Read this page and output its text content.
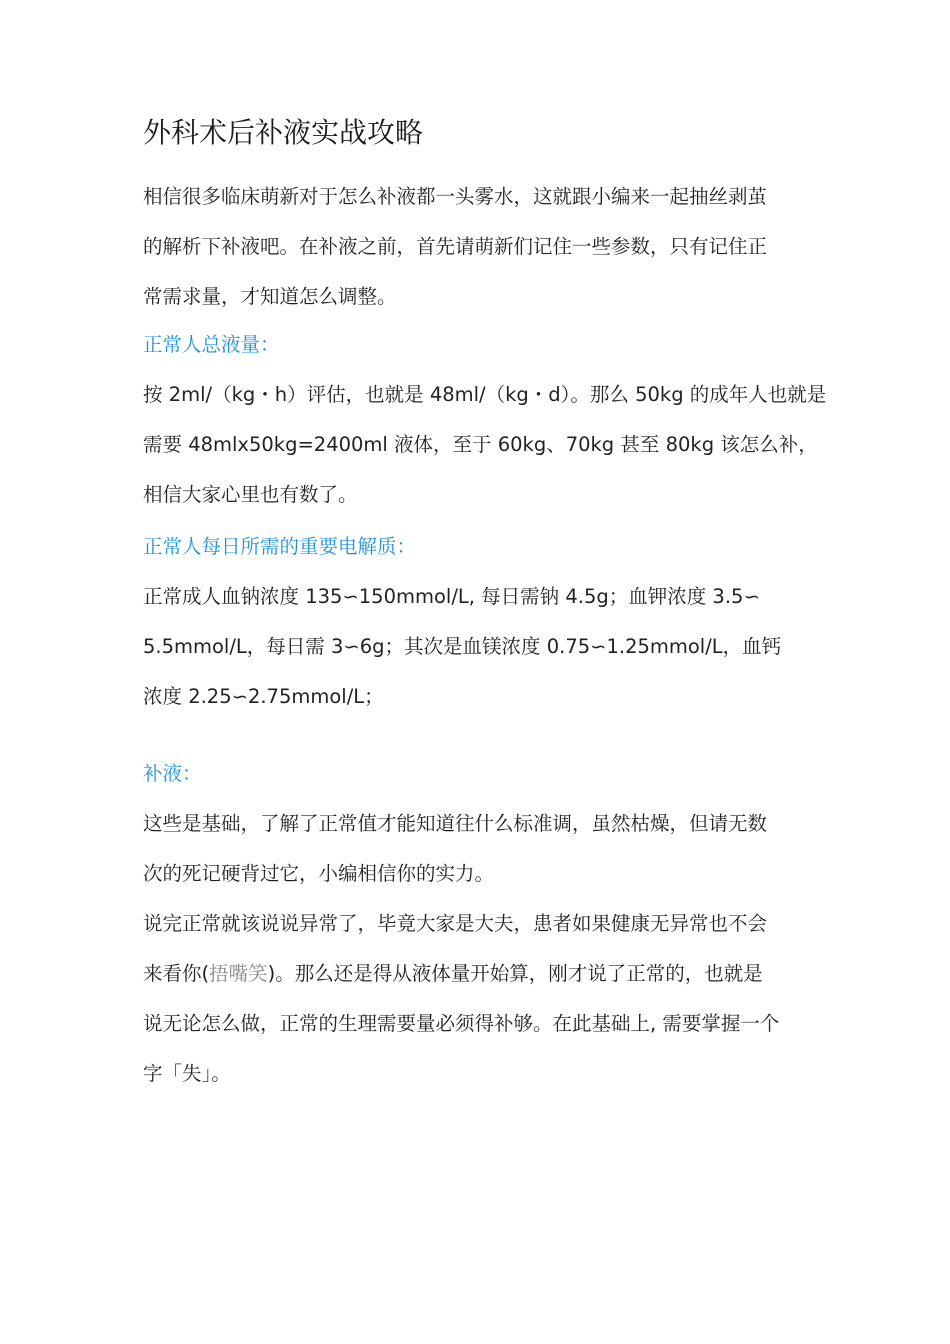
外科术后补液实战攻略

相信很多临床萌新对于怎么补液都一头雾水，这就跟小编来一起抽丝剥茧
的解析下补液吧。在补液之前，首先请萌新们记住一些参数，只有记住正
常需求量，才知道怎么调整。

正常人总液量：

按 2ml/（kg・h）评估，也就是 48ml/（kg・d）。那么 50kg 的成年人也就是
需要 48mlx50kg=2400ml 液体，至于 60kg、70kg 甚至 80kg 该怎么补，
相信大家心里也有数了。

正常人每日所需的重要电解质：

正常成人血钠浓度 135∽150mmol/L, 每日需钠 4.5g；血钾浓度 3.5∽
5.5mmol/L，每日需 3∽6g；其次是血镁浓度 0.75∽1.25mmol/L，血钙
浓度 2.25∽2.75mmol/L；

补液：

这些是基础，了解了正常值才能知道往什么标准调，虽然枯燥，但请无数
次的死记硬背过它，小编相信你的实力。

说完正常就该说说异常了，毕竟大家是大夫，患者如果健康无异常也不会
来看你(捂嘴笑)。那么还是得从液体量开始算，刚才说了正常的，也就是
说无论怎么做，正常的生理需要量必须得补够。在此基础上, 需要掌握一个
字「失」。
